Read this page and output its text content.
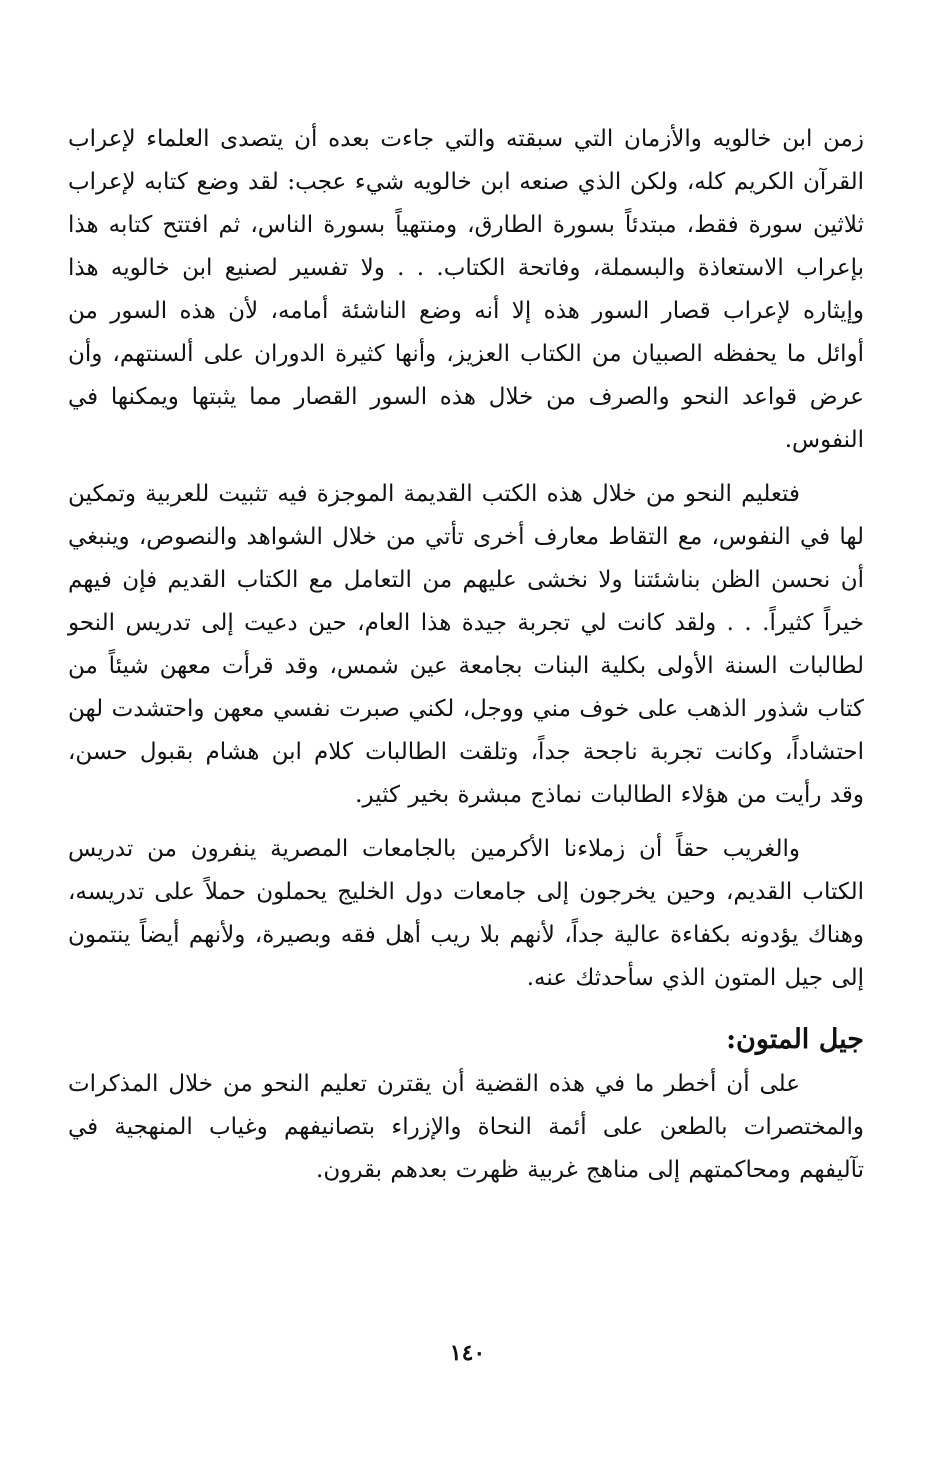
زمن ابن خالويه والأزمان التي سبقته والتي جاءت بعده أن يتصدى العلماء لإعراب القرآن الكريم كله، ولكن الذي صنعه ابن خالويه شيء عجب: لقد وضع كتابه لإعراب ثلاثين سورة فقط، مبتدئاً بسورة الطارق، ومنتهياً بسورة الناس، ثم افتتح كتابه هذا بإعراب الاستعاذة والبسملة، وفاتحة الكتاب. . . ولا تفسير لصنيع ابن خالويه هذا وإيثاره لإعراب قصار السور هذه إلا أنه وضع الناشئة أمامه، لأن هذه السور من أوائل ما يحفظه الصبيان من الكتاب العزيز، وأنها كثيرة الدوران على ألسنتهم، وأن عرض قواعد النحو والصرف من خلال هذه السور القصار مما يثبتها ويمكنها في النفوس.

فتعليم النحو من خلال هذه الكتب القديمة الموجزة فيه تثبيت للعربية وتمكين لها في النفوس، مع التقاط معارف أخرى تأتي من خلال الشواهد والنصوص، وينبغي أن نحسن الظن بناشئتنا ولا نخشى عليهم من التعامل مع الكتاب القديم فإن فيهم خيراً كثيراً. . . ولقد كانت لي تجربة جيدة هذا العام، حين دعيت إلى تدريس النحو لطالبات السنة الأولى بكلية البنات بجامعة عين شمس، وقد قرأت معهن شيئاً من كتاب شذور الذهب على خوف مني ووجل، لكني صبرت نفسي معهن واحتشدت لهن احتشاداً، وكانت تجربة ناجحة جداً، وتلقت الطالبات كلام ابن هشام بقبول حسن، وقد رأيت من هؤلاء الطالبات نماذج مبشرة بخير كثير.

والغريب حقاً أن زملاءنا الأكرمين بالجامعات المصرية ينفرون من تدريس الكتاب القديم، وحين يخرجون إلى جامعات دول الخليج يحملون حملاً على تدريسه، وهناك يؤدونه بكفاءة عالية جداً، لأنهم بلا ريب أهل فقه وبصيرة، ولأنهم أيضاً ينتمون إلى جيل المتون الذي سأحدثك عنه.

جيل المتون:

على أن أخطر ما في هذه القضية أن يقترن تعليم النحو من خلال المذكرات والمختصرات بالطعن على أئمة النحاة والإزراء بتصانيفهم وغياب المنهجية في تآليفهم ومحاكمتهم إلى مناهج غربية ظهرت بعدهم بقرون.

١٤٠
